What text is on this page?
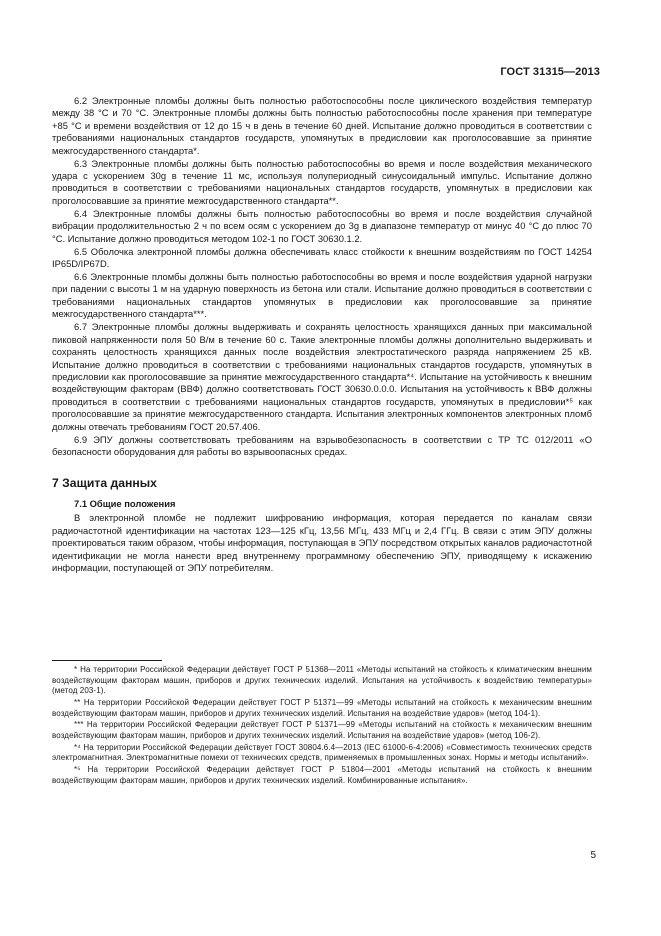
ГОСТ 31315—2013

6.2 Электронные пломбы должны быть полностью работоспособны после циклического воздействия температур между 38 °С и 70 °С. Электронные пломбы должны быть полностью работоспособны после хранения при температуре +85 °С и времени воздействия от 12 до 15 ч в день в течение 60 дней. Испытание должно проводиться в соответствии с требованиями национальных стандартов государств, упомянутых в предисловии как проголосовавшие за принятие межгосударственного стандарта*.

6.3 Электронные пломбы должны быть полностью работоспособны во время и после воздействия механического удара с ускорением 30g в течение 11 мс, используя полупериодный синусоидальный импульс. Испытание должно проводиться в соответствии с требованиями национальных стандартов государств, упомянутых в предисловии как проголосовавшие за принятие межгосударственного стандарта**.

6.4 Электронные пломбы должны быть полностью работоспособны во время и после воздействия случайной вибрации продолжительностью 2 ч по всем осям с ускорением до 3g в диапазоне температур от минус 40 °С до плюс 70 °С. Испытание должно проводиться методом 102-1 по ГОСТ 30630.1.2.

6.5 Оболочка электронной пломбы должна обеспечивать класс стойкости к внешним воздействиям по ГОСТ 14254 IP65D/IP67D.

6.6 Электронные пломбы должны быть полностью работоспособны во время и после воздействия ударной нагрузки при падении с высоты 1 м на ударную поверхность из бетона или стали. Испытание должно проводиться в соответствии с требованиями национальных стандартов упомянутых в предисловии как проголосовавшие за принятие межгосударственного стандарта***.

6.7 Электронные пломбы должны выдерживать и сохранять целостность хранящихся данных при максимальной пиковой напряженности поля 50 В/м в течение 60 с. Такие электронные пломбы должны дополнительно выдерживать и сохранять целостность хранящихся данных после воздействия электростатического разряда напряжением 25 кВ. Испытание должно проводиться в соответствии с требованиями национальных стандартов государств, упомянутых в предисловии как проголосовавшие за принятие межгосударственного стандарта*⁴. Испытание на устойчивость к внешним воздействующим факторам (ВВФ) должно соответствовать ГОСТ 30630.0.0.0. Испытания на устойчивость к ВВФ должны проводиться в соответствии с требованиями национальных стандартов государств, упомянутых в предисловии*⁵ как проголосовавшие за принятие межгосударственного стандарта. Испытания электронных компонентов электронных пломб должны отвечать требованиям ГОСТ 20.57.406.

6.9 ЭПУ должны соответствовать требованиям на взрывобезопасность в соответствии с ТР ТС 012/2011 «О безопасности оборудования для работы во взрывоопасных средах.

7 Защита данных
7.1 Общие положения

В электронной пломбе не подлежит шифрованию информация, которая передается по каналам связи радиочастотной идентификации на частотах 123—125 кГц, 13,56 МГц, 433 МГц и 2,4 ГГц. В связи с этим ЭПУ должны проектироваться таким образом, чтобы информация, поступающая в ЭПУ посредством открытых каналов радиочастотной идентификации не могла нанести вред внутреннему программному обеспечению ЭПУ, приводящему к искажению информации, поступающей от ЭПУ потребителям.

* На территории Российской Федерации действует ГОСТ Р 51368—2011 «Методы испытаний на стойкость к климатическим внешним воздействующим факторам машин, приборов и других технических изделий. Испытания на устойчивость к воздействию температуры» (метод 203-1).

** На территории Российской Федерации действует ГОСТ Р 51371—99 «Методы испытаний на стойкость к механическим внешним воздействующим факторам машин, приборов и других технических изделий. Испытания на воздействие ударов» (метод 104-1).

*** На территории Российской Федерации действует ГОСТ Р 51371—99 «Методы испытаний на стойкость к механическим внешним воздействующим факторам машин, приборов и других технических изделий. Испытания на воздействие ударов» (метод 106-2).

*⁴ На территории Российской Федерации действует ГОСТ 30804.6.4—2013 (IEC 61000-6-4:2006) «Совместимость технических средств электромагнитная. Электромагнитные помехи от технических средств, применяемых в промышленных зонах. Нормы и методы испытаний».

*⁵ На территории Российской Федерации действует ГОСТ Р 51804—2001 «Методы испытаний на стойкость к внешним воздействующим факторам машин, приборов и других технических изделий. Комбинированные испытания».

5
